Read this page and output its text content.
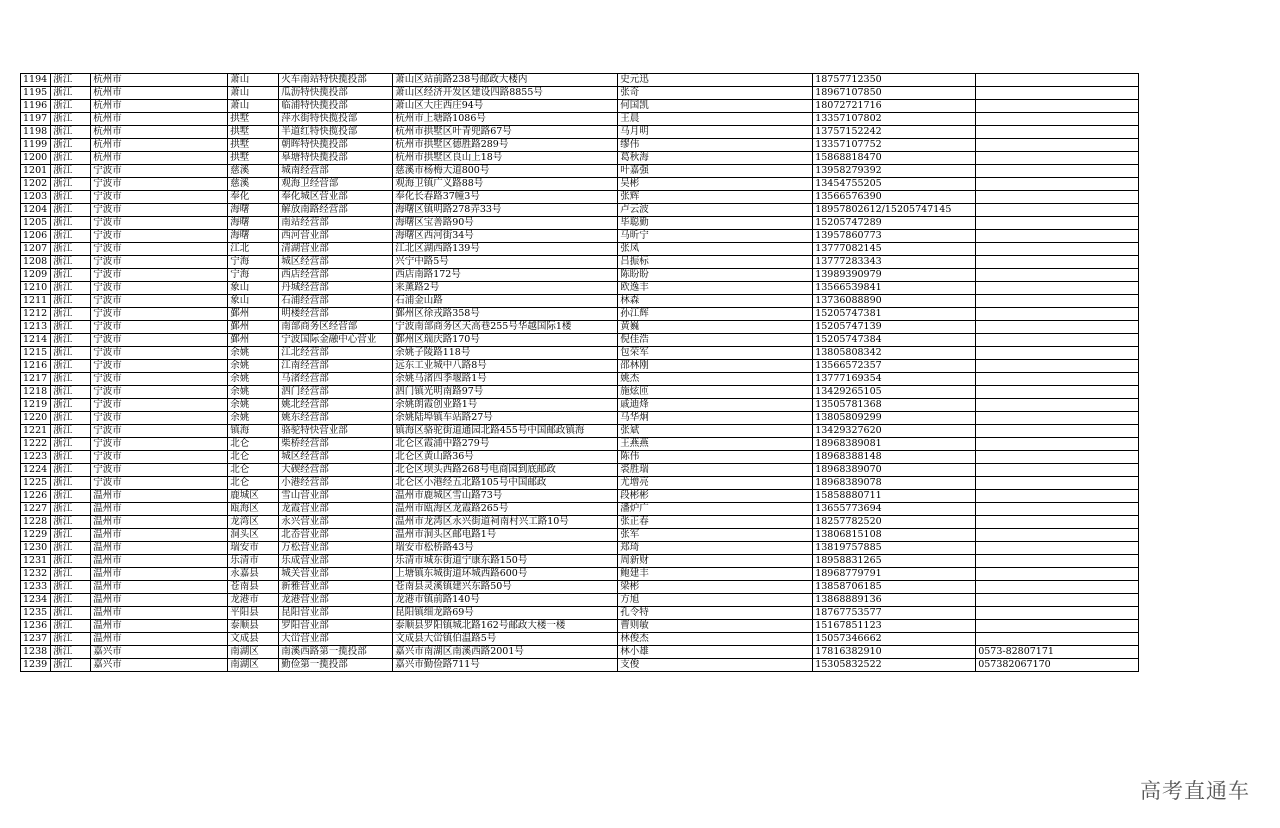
1194	浙江	杭州市	萧山	火车南站特快揽投部	萧山区站前路238号邮政大楼内	史元迅	18757712350	
1195	浙江	杭州市	萧山	瓜沥特快揽投部	萧山区经济开发区建设四路8855号	张奇	18967107850	
1196	浙江	杭州市	萧山	临浦特快揽投部	萧山区大庄西庄94号	何国凯	18072721716	
1197	浙江	杭州市	拱墅	萍水街特快揽投部	杭州市上塘路1086号	王晨	13357107802	
1198	浙江	杭州市	拱墅	半道红特快揽投部	杭州市拱墅区叶青兜路67号	马月明	13757152242	
1199	浙江	杭州市	拱墅	朝晖特快揽投部	杭州市拱墅区德胜路289号	缪伟	13357107752	
1200	浙江	杭州市	拱墅	皋塘特快揽投部	杭州市拱墅区良山上18号	葛秋海	15868818470	
1201	浙江	宁波市	慈溪	城南经营部	慈溪市杨梅大道800号	叶嘉强	13958279392	
1202	浙江	宁波市	慈溪	观海卫经营部	观海卫镇广义路88号	吴彬	13454755205	
1203	浙江	宁波市	奉化	奉化城区营业部	奉化长春路37幢3号	张辉	13566576390	
1204	浙江	宁波市	海曙	解放南路经营部	海曙区镇明路278弄33号	卢云波	18957802612/15205747145	
1205	浙江	宁波市	海曙	南站经营部	海曙区宝善路90号	毕聪勤	15205747289	
1206	浙江	宁波市	海曙	西河营业部	海曙区西河街34号	马昕宁	13957860773	
1207	浙江	宁波市	江北	清湖营业部	江北区湖西路139号	张凤	13777082145	
1208	浙江	宁波市	宁海	城区经营部	兴宁中路5号	吕振标	13777283343	
1209	浙江	宁波市	宁海	西店经营部	西店南路172号	陈盼盼	13989390979	
1210	浙江	宁波市	象山	丹城经营部	来薰路2号	欧逸丰	13566539841	
1211	浙江	宁波市	象山	石浦经营部	石浦金山路	林森	13736088890	
1212	浙江	宁波市	鄞州	明楼经营部	鄞州区徐戎路358号	孙江辉	15205747381	
1213	浙江	宁波市	鄞州	南部商务区经营部	宁波南部商务区天高巷255号华越国际1楼	黄巍	15205747139	
1214	浙江	宁波市	鄞州	宁波国际金融中心营业	鄞州区瑞庆路170号	倪佳浩	15205747384	
1215	浙江	宁波市	余姚	江北经营部	余姚子陵路118号	包荣军	13805808342	
1216	浙江	宁波市	余姚	江南经营部	远东工业城中八路8号	邵林刚	13566572357	
1217	浙江	宁波市	余姚	马渚经营部	余姚马渚四季堰路1号	姚杰	13777169354	
1218	浙江	宁波市	余姚	泗门经营部	泗门镇光明南路97号	施炫匝	13429265105	
1219	浙江	宁波市	余姚	姚北经营部	余姚朗霞创业路1号	戚迪烽	13505781368	
1220	浙江	宁波市	余姚	姚东经营部	余姚陆埠镇车站路27号	马华炯	13805809299	
1221	浙江	宁波市	镇海	骆驼特快营业部	镇海区骆驼街道通园北路455号中国邮政镇海	张斌	13429327620	
1222	浙江	宁波市	北仑	柴桥经营部	北仑区霞浦中路279号	王燕燕	18968389081	
1223	浙江	宁波市	北仑	城区经营部	北仑区黄山路36号	陈伟	18968388148	
1224	浙江	宁波市	北仑	大碶经营部	北仑区坝头西路268号电商园到底邮政	裘胜瑞	18968389070	
1225	浙江	宁波市	北仑	小港经营部	北仑区小港经五北路105号中国邮政	尤增亮	18968389078	
1226	浙江	温州市	鹿城区	雪山营业部	温州市鹿城区雪山路73号	段彬彬	15858880711	
1227	浙江	温州市	瓯海区	龙霞营业部	温州市瓯海区龙霞路265号	潘炉广	13655773694	
1228	浙江	温州市	龙湾区	永兴营业部	温州市龙湾区永兴街道祠南村兴工路10号	张正春	18257782520	
1229	浙江	温州市	洞头区	北岙营业部	温州市洞头区邮电路1号	张军	13806815108	
1230	浙江	温州市	瑞安市	万松营业部	瑞安市松桥路43号	郑琦	13819757885	
1231	浙江	温州市	乐清市	乐成营业部	乐清市城东街道宁康东路150号	周新财	18958831265	
1232	浙江	温州市	永嘉县	城关营业部	上塘镇东城街道环城西路600号	鲍建丰	18968779791	
1233	浙江	温州市	苍南县	新雅营业部	苍南县灵溪镇建兴东路50号	梁彬	13858706185	
1234	浙江	温州市	龙港市	龙港营业部	龙港市镇前路140号	方旭	13868889136	
1235	浙江	温州市	平阳县	昆阳营业部	昆阳镇细龙路69号	孔令特	18767753577	
1236	浙江	温州市	泰顺县	罗阳营业部	泰顺县罗阳镇城北路162号邮政大楼一楼	曹则敏	15167851123	
1237	浙江	温州市	文成县	大峃营业部	文成县大峃镇伯温路5号	林俊杰	15057346662	
1238	浙江	嘉兴市	南湖区	南溪西路第一揽投部	嘉兴市南湖区南溪西路2001号	林小雄	17816382910	0573-82807171
1239	浙江	嘉兴市	南湖区	勤俭第一揽投部	嘉兴市勤俭路711号	支俊	15305832522	057382067170
高考直通车
